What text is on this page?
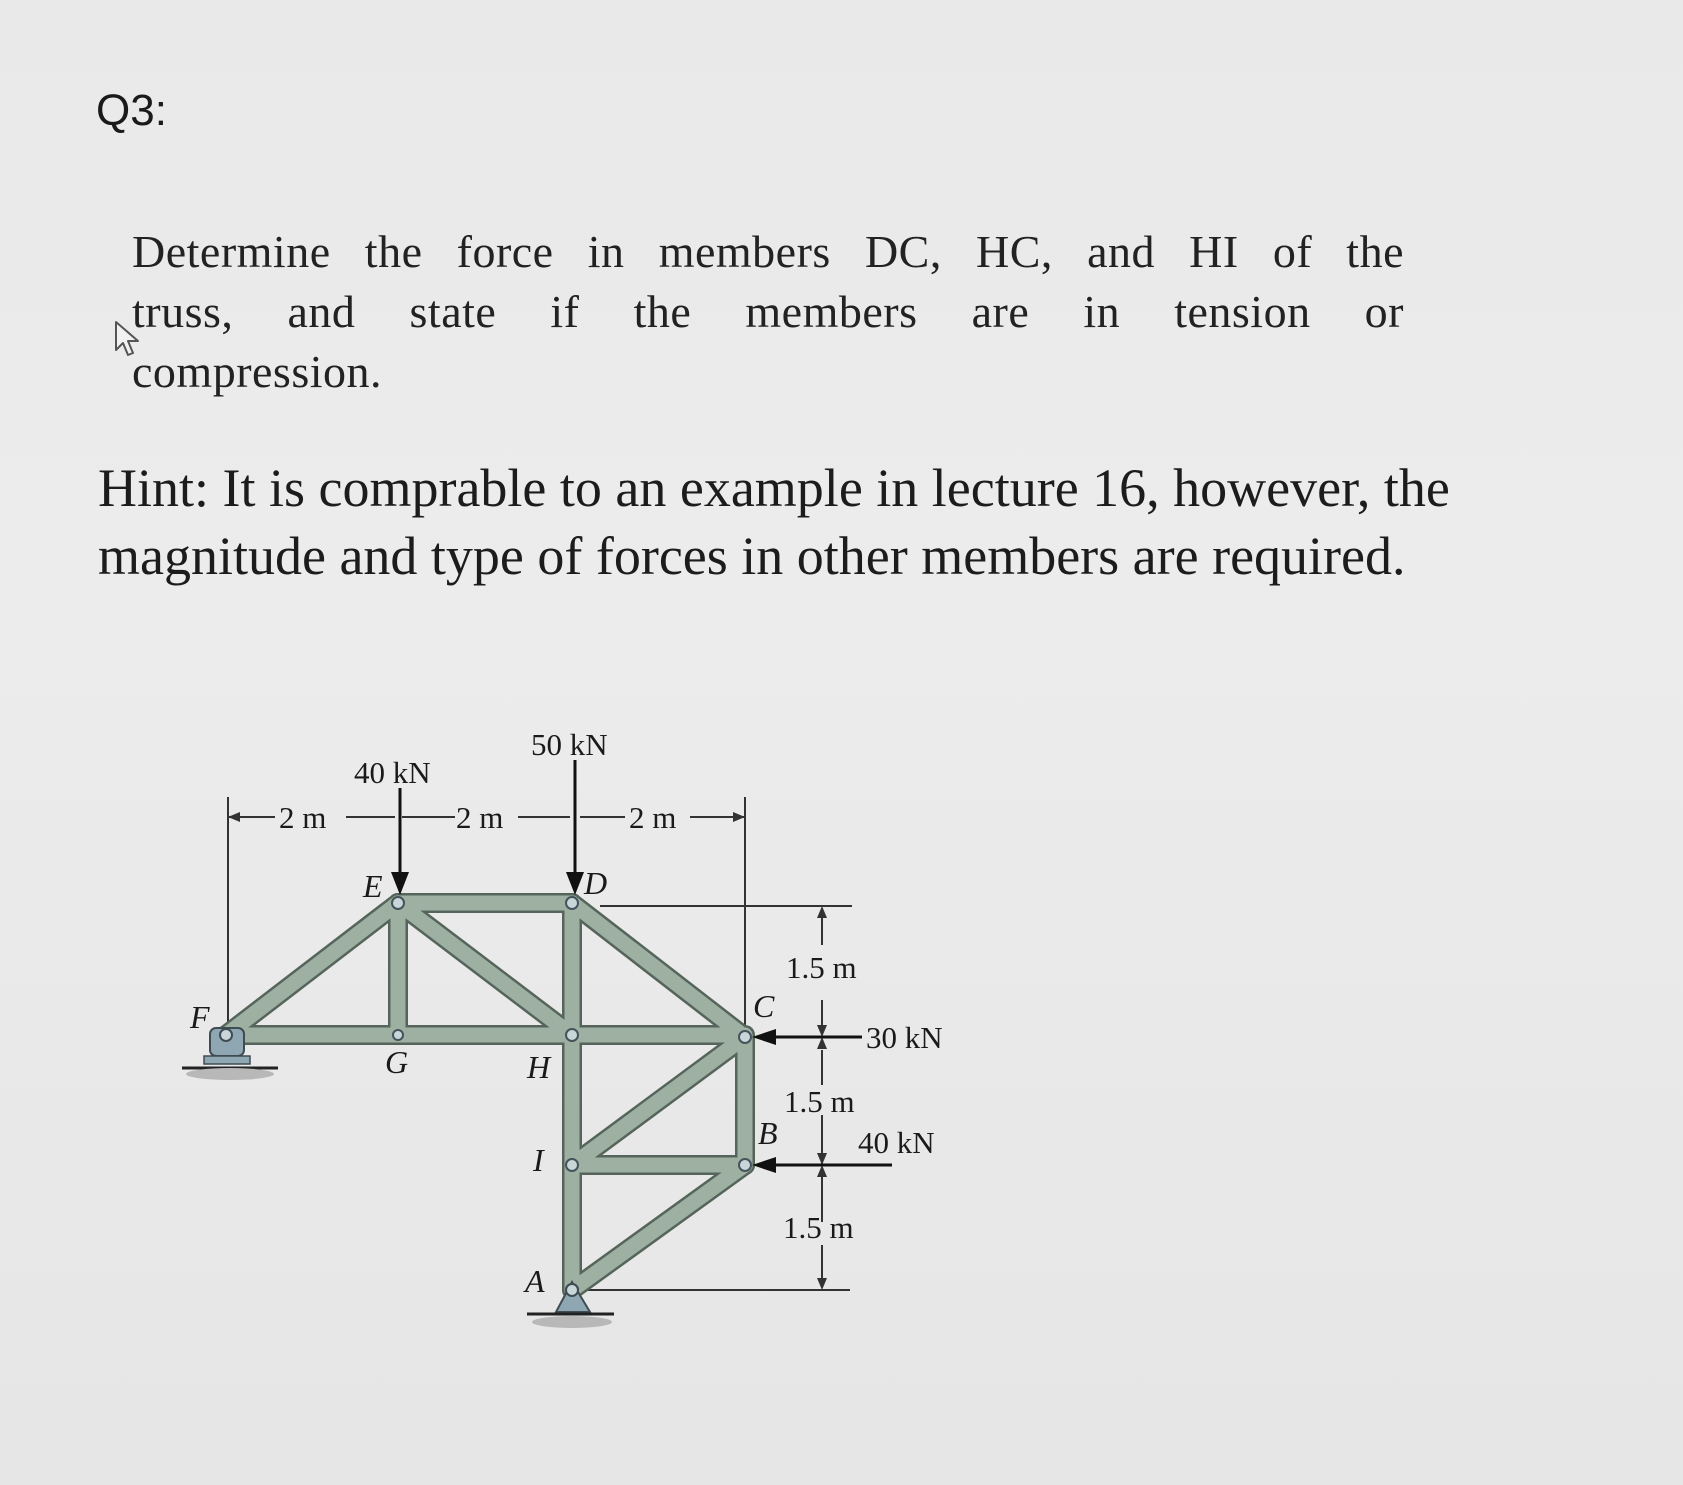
Q3:
Determine the force in members DC, HC, and HI of the
truss, and state if the members are in tension or
compression.
Hint: It is comprable to an example in lecture 16, however, the
magnitude and type of forces in other members are required.
40 kN
50 kN
30 kN
40 kN
2 m	2 m	2 m
1.5 m
1.5 m
1.5 m
F
E	D
G	H
C
B
I
A
